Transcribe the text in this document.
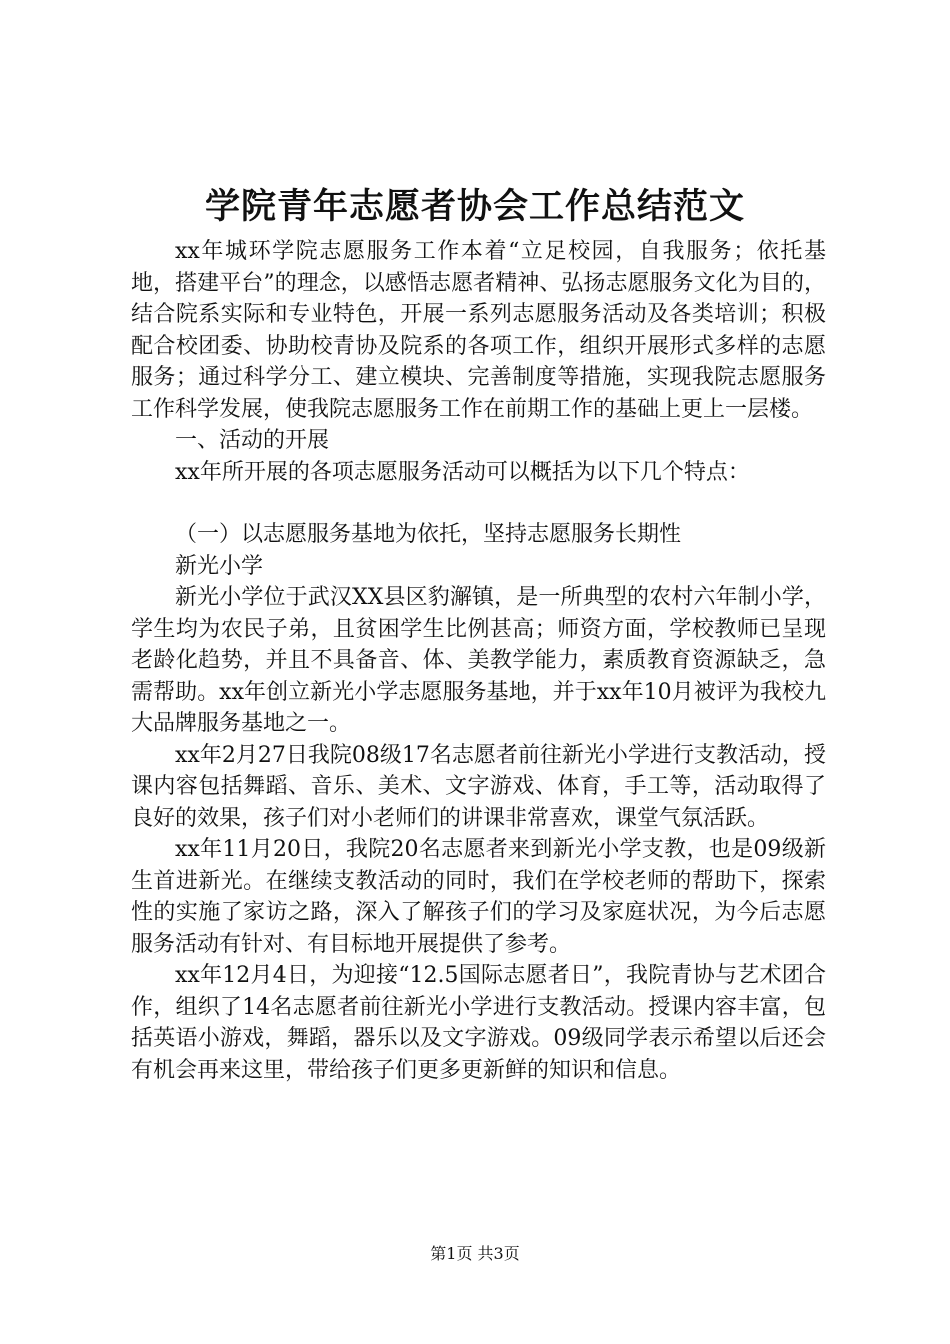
学院青年志愿者协会工作总结范文

xx年城环学院志愿服务工作本着“立足校园，自我服务；依托基地，搭建平台”的理念，以感悟志愿者精神、弘扬志愿服务文化为目的，结合院系实际和专业特色，开展一系列志愿服务活动及各类培训；积极配合校团委、协助校青协及院系的各项工作，组织开展形式多样的志愿服务；通过科学分工、建立模块、完善制度等措施，实现我院志愿服务工作科学发展，使我院志愿服务工作在前期工作的基础上更上一层楼。

一、活动的开展

xx年所开展的各项志愿服务活动可以概括为以下几个特点：

（一）以志愿服务基地为依托，坚持志愿服务长期性

新光小学

新光小学位于武汉XX县区豹澥镇，是一所典型的农村六年制小学，学生均为农民子弟，且贫困学生比例甚高；师资方面，学校教师已呈现老龄化趋势，并且不具备音、体、美教学能力，素质教育资源缺乏，急需帮助。xx年创立新光小学志愿服务基地，并于xx年10月被评为我校九大品牌服务基地之一。

xx年2月27日我院08级17名志愿者前往新光小学进行支教活动，授课内容包括舞蹈、音乐、美术、文字游戏、体育，手工等，活动取得了良好的效果，孩子们对小老师们的讲课非常喜欢，课堂气氛活跃。

xx年11月20日，我院20名志愿者来到新光小学支教，也是09级新生首进新光。在继续支教活动的同时，我们在学校老师的帮助下，探索性的实施了家访之路，深入了解孩子们的学习及家庭状况，为今后志愿服务活动有针对、有目标地开展提供了参考。

xx年12月4日，为迎接“12.5国际志愿者日”，我院青协与艺术团合作，组织了14名志愿者前往新光小学进行支教活动。授课内容丰富，包括英语小游戏，舞蹈，器乐以及文字游戏。09级同学表示希望以后还会有机会再来这里，带给孩子们更多更新鲜的知识和信息。

第1页 共3页
